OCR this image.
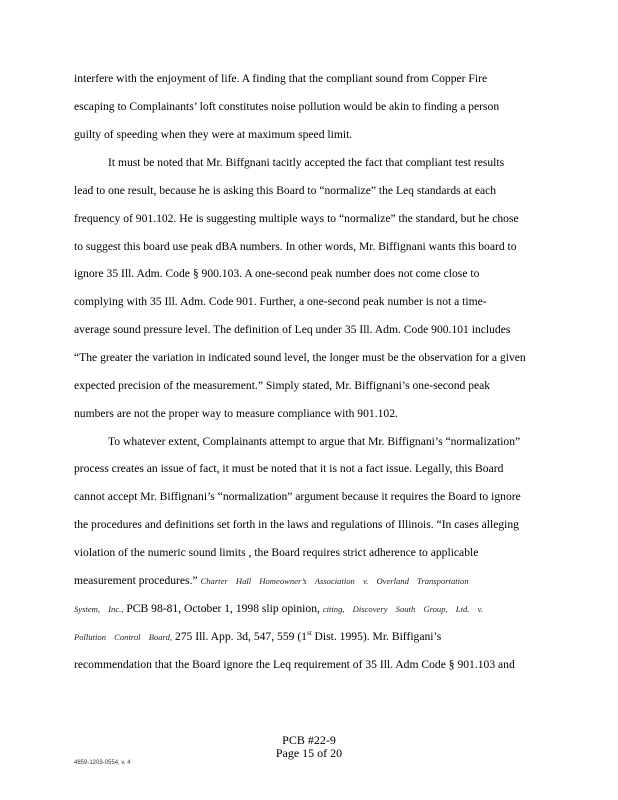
interfere with the enjoyment of life. A finding that the compliant sound from Copper Fire
escaping to Complainants’ loft constitutes noise pollution would be akin to finding a person
guilty of speeding when they were at maximum speed limit.
It must be noted that Mr. Biffgnani tacitly accepted the fact that compliant test results
lead to one result, because he is asking this Board to “normalize” the Leq standards at each
frequency of 901.102. He is suggesting multiple ways to “normalize” the standard, but he chose
to suggest this board use peak dBA numbers. In other words, Mr. Biffignani wants this board to
ignore 35 Ill. Adm. Code § 900.103. A one-second peak number does not come close to
complying with 35 Ill. Adm. Code 901. Further, a one-second peak number is not a time-
average sound pressure level. The definition of Leq under 35 Ill. Adm. Code 900.101 includes
“The greater the variation in indicated sound level, the longer must be the observation for a given
expected precision of the measurement.” Simply stated, Mr. Biffignani’s one-second peak
numbers are not the proper way to measure compliance with 901.102.
To whatever extent, Complainants attempt to argue that Mr. Biffignani’s “normalization”
process creates an issue of fact, it must be noted that it is not a fact issue. Legally, this Board
cannot accept Mr. Biffignani’s “normalization” argument because it requires the Board to ignore
the procedures and definitions set forth in the laws and regulations of Illinois. “In cases alleging
violation of the numeric sound limits , the Board requires strict adherence to applicable
measurement procedures.” Charter Hall Homeowner’s Association v. Overland Transportation
System, Inc., PCB 98-81, October 1, 1998 slip opinion, citing, Discovery South Group, Ltd. v.
Pollution Control Board, 275 Ill. App. 3d, 547, 559 (1st Dist. 1995). Mr. Biffigani’s
recommendation that the Board ignore the Leq requirement of 35 Ill. Adm Code § 901.103 and
PCB #22-9
Page 15 of 20
4859-1203-0554, v. 4
